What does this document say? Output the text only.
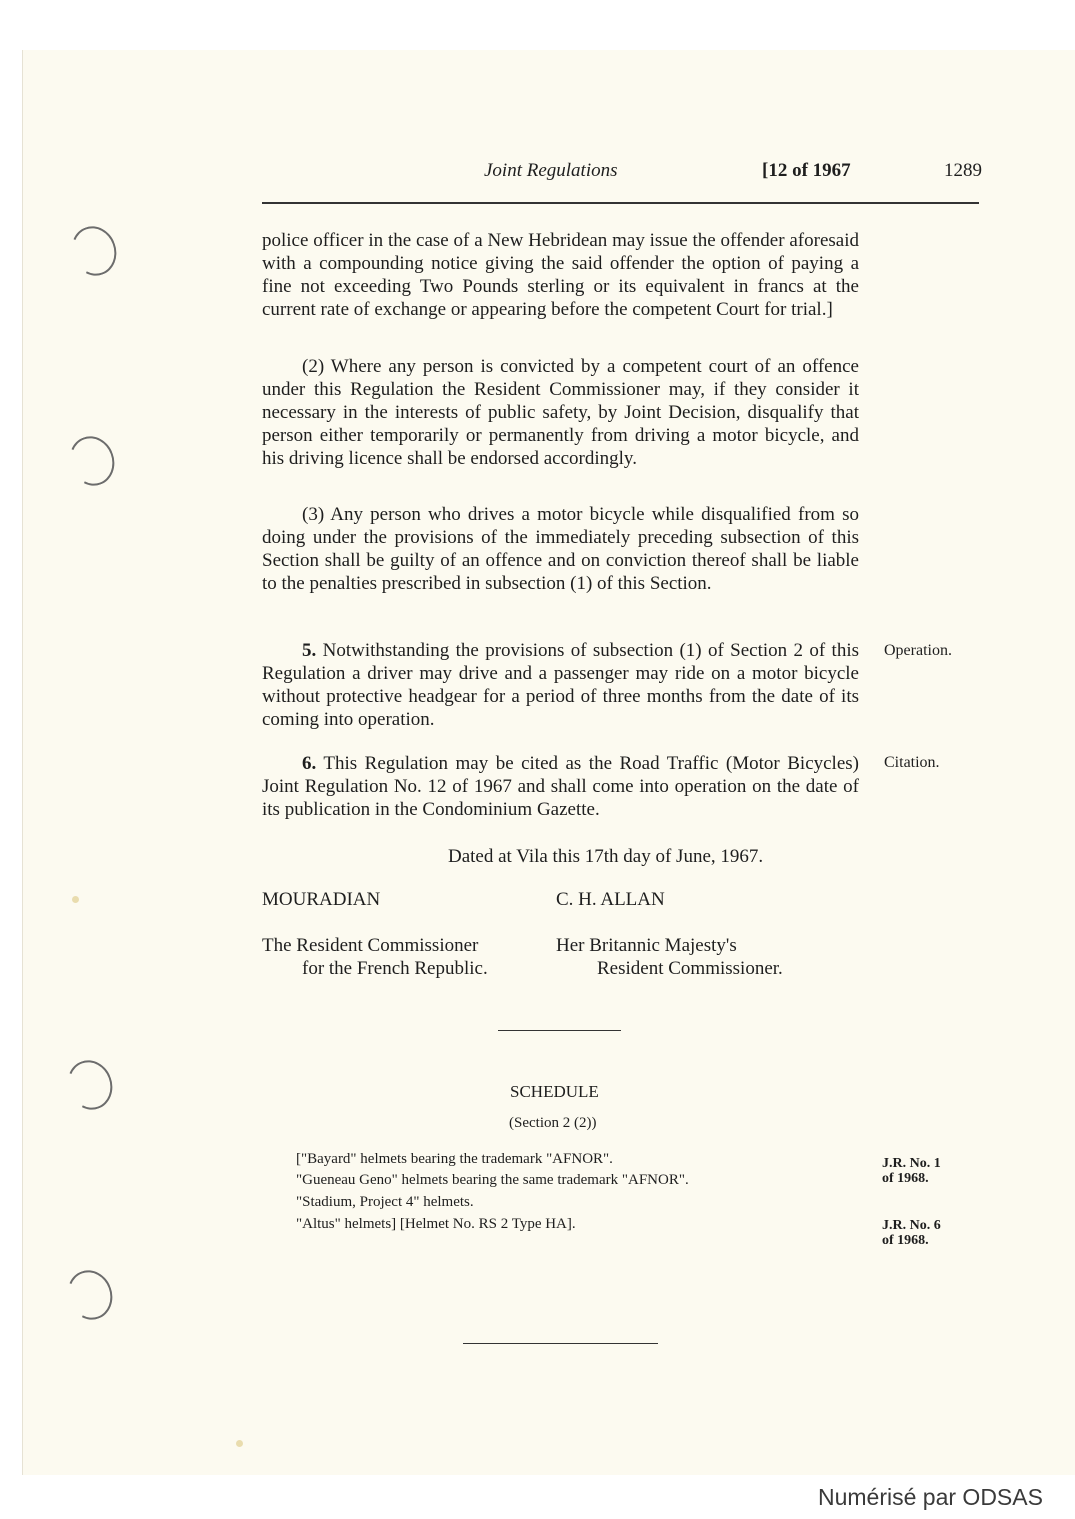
Joint Regulations	[12 of 1967	1289
police officer in the case of a New Hebridean may issue the offender aforesaid with a compounding notice giving the said offender the option of paying a fine not exceeding Two Pounds sterling or its equivalent in francs at the current rate of exchange or appearing before the competent Court for trial.]
(2) Where any person is convicted by a competent court of an offence under this Regulation the Resident Commissioner may, if they consider it necessary in the interests of public safety, by Joint Decision, disqualify that person either temporarily or permanently from driving a motor bicycle, and his driving licence shall be endorsed accordingly.
(3) Any person who drives a motor bicycle while disqualified from so doing under the provisions of the immediately preceding subsection of this Section shall be guilty of an offence and on conviction thereof shall be liable to the penalties prescribed in subsection (1) of this Section.
5. Notwithstanding the provisions of subsection (1) of Section 2 of this Regulation a driver may drive and a passenger may ride on a motor bicycle without protective headgear for a period of three months from the date of its coming into operation.
Operation.
6. This Regulation may be cited as the Road Traffic (Motor Bicycles) Joint Regulation No. 12 of 1967 and shall come into operation on the date of its publication in the Condominium Gazette.
Citation.
Dated at Vila this 17th day of June, 1967.
MOURADIAN
The Resident Commissioner
for the French Republic.
C. H. ALLAN
Her Britannic Majesty's
Resident Commissioner.
SCHEDULE
(Section 2 (2))
["Bayard" helmets bearing the trademark "AFNOR".
"Gueneau Geno" helmets bearing the same trademark "AFNOR".
"Stadium, Project 4" helmets.
"Altus" helmets] [Helmet No. RS 2 Type HA].
J.R. No. 1
of 1968.
J.R. No. 6
of 1968.
Numérisé par ODSAS
